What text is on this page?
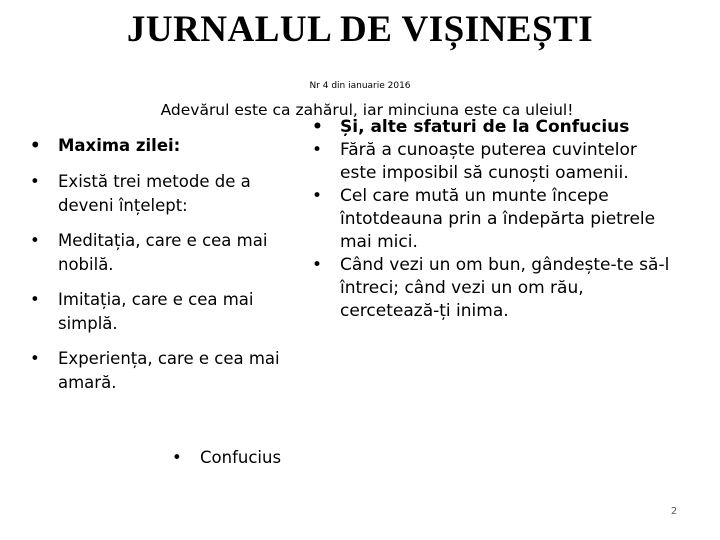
JURNALUL DE VIȘINEȘTI
Nr 4 din ianuarie 2016
Adevărul este ca zahărul, iar minciuna este ca uleiul!
• Maxima zilei:
• Există trei metode de a deveni înțelept:
• Meditația, care e cea mai nobilă.
• Imitația, care e cea mai simplă.
• Experiența, care e cea mai amară.
• Confucius
• Și, alte sfaturi de la Confucius
• Fără a cunoaște puterea cuvintelor este imposibil să cunoști oamenii.
• Cel care mută un munte începe întotdeauna prin a îndepărta pietrele mai mici.
• Când vezi un om bun, gândește-te să-l întreci; când vezi un om rău, cercetează-ți inima.
2
